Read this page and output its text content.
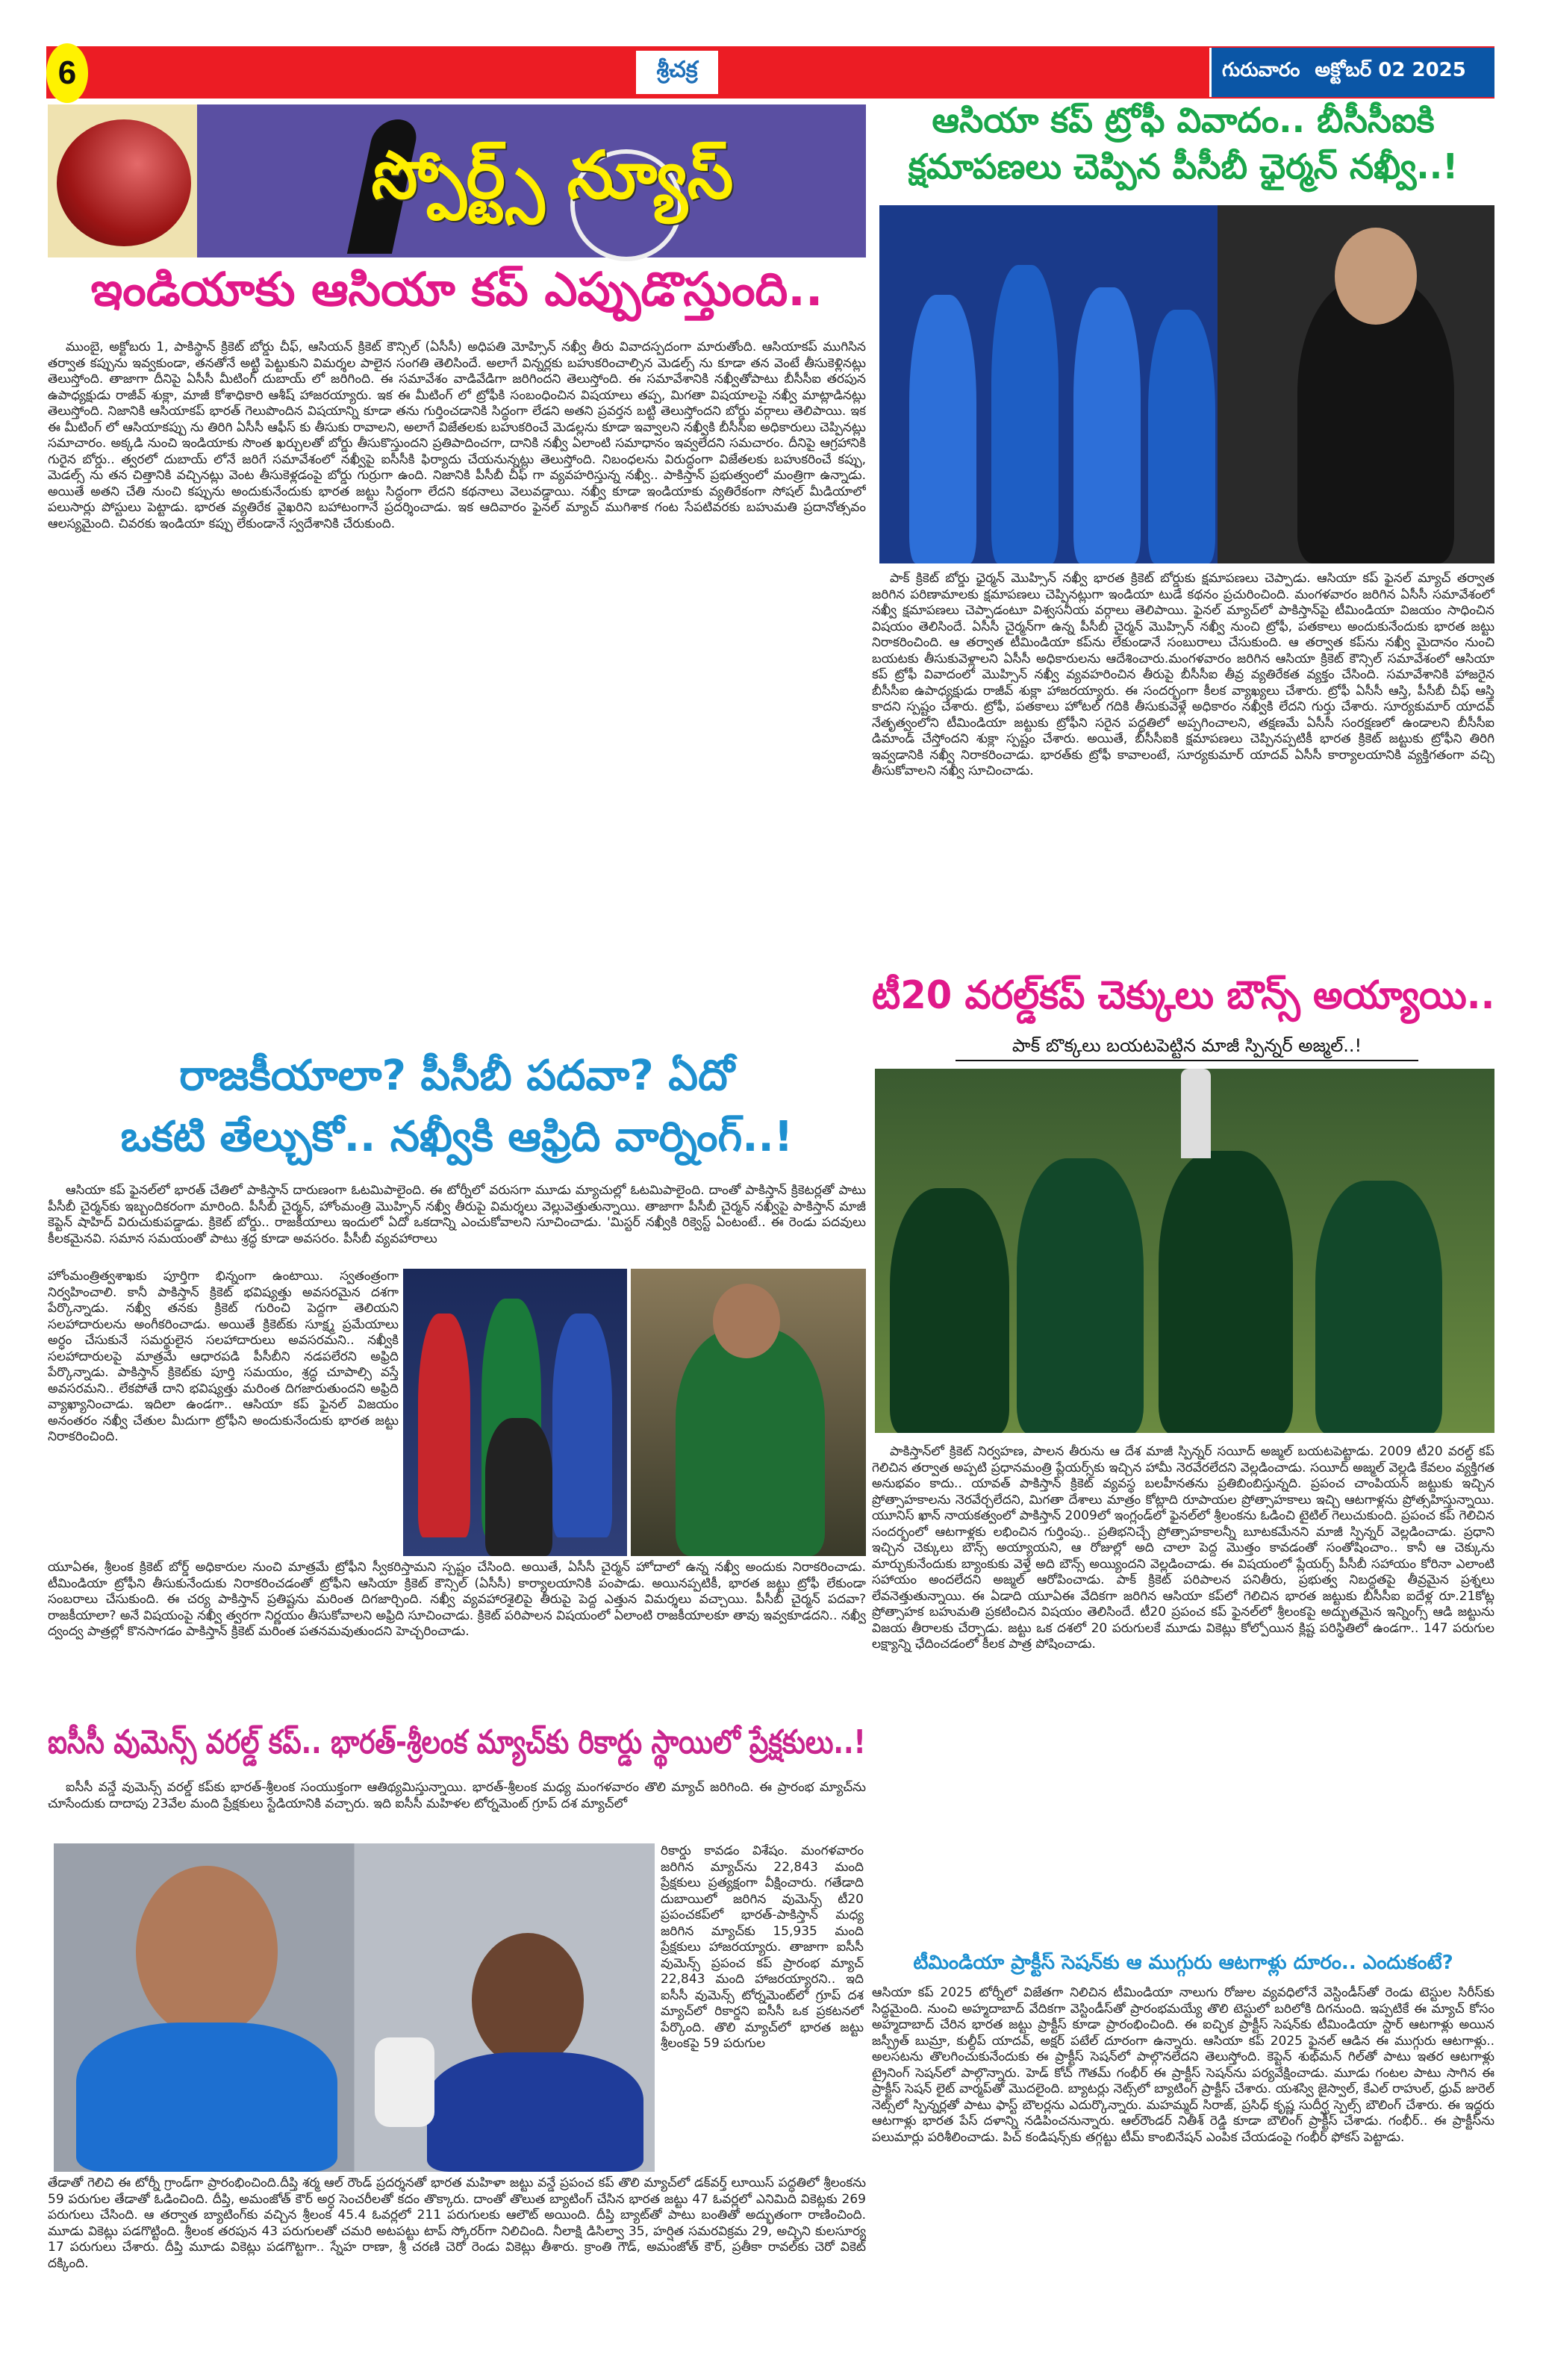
6	శ్రీచక్ర	గురువారం అక్టోబర్ 02 2025
స్పోర్ట్స్ న్యూస్
ఇండియాకు ఆసియా కప్ ఎప్పుడొస్తుంది..

ముంబై, అక్టోబరు 1, పాకిస్థాన్ క్రికెట్ బోర్డు చీఫ్, ఆసియన్ క్రికెట్ కౌన్సిల్ (ఏసీసీ) అధిపతి మోహ్సిన్ నఖ్వీ తీరు వివాదస్పదంగా మారుతోంది. ఆసియాకప్ ముగిసిన తర్వాత కప్పును ఇవ్వకుండా, తనతోనే అట్టి పెట్టుకుని విమర్శల పాలైన సంగతి తెలిసిందే. అలాగే విన్నర్లకు బహుకరించాల్సిన మెడల్స్ ను కూడా తన వెంటే తీసుకెళ్లినట్లు తెలుస్తోంది. తాజాగా దీనిపై ఏసీసీ మీటింగ్ దుబాయ్ లో జరిగింది. ఈ సమావేశం వాడివేడిగా జరిగిందని తెలుస్తోంది. ఈ సమావేశానికి నఖ్వీతోపాటు బీసీసీఐ తరపున ఉపాధ్యక్షుడు రాజీవ్ శుక్లా, మాజీ కోశాధికారి ఆశీష్ హాజరయ్యారు. ఇక ఈ మీటింగ్ లో ట్రోఫీకి సంబంధించిన విషయాలు తప్ప, మిగతా విషయాలపై నఖ్వీ మాట్లాడినట్లు తెలుస్తోంది. నిజానికి ఆసియాకప్ భారత్ గెలుపొందిన విషయాన్ని కూడా తను గుర్తించడానికి సిద్ధంగా లేడని అతని ప్రవర్తన బట్టి తెలుస్తోందని బోర్డు వర్గాలు తెలిపాయి. ఇక ఈ మీటింగ్ లో ఆసియాకప్పు ను తిరిగి ఏసీసీ ఆఫీస్ కు తీసుకు రావాలని, అలాగే విజేతలకు బహుకరించే మెడల్లను కూడా ఇవ్వాలని నఖ్వీకి బీసీసీఐ అధికారులు చెప్పినట్లు సమాచారం. అక్కడి నుంచి ఇండియాకు సొంత ఖర్చులతో బోర్డు తీసుకొస్తుందని ప్రతిపాదించగా, దానికి నఖ్వీ ఏలాంటి సమాధానం ఇవ్వలేదని సమచారం. దీనిపై ఆగ్రహానికి గురైన బోర్డు.. త్వరలో దుబాయ్ లోనే జరిగే సమావేశంలో నఖ్వీపై ఐసీసీకి ఫిర్యాదు చేయనున్నట్లు తెలుస్తోంది. నిబంధలను విరుద్ధంగా విజేతలకు బహుకరించే కప్పు, మెడల్స్ ను తన చిత్తానికి వచ్చినట్లు వెంట తీసుకెళ్లడంపై బోర్డు గుర్రుగా ఉంది. నిజానికి పీసీబీ చీఫ్ గా వ్యవహరిస్తున్న నఖ్వీ.. పాకిస్తాన్ ప్రభుత్వంలో మంత్రిగా ఉన్నాడు. అయితే అతని చేతి నుంచి కప్పును అందుకునేందుకు భారత జట్టు సిద్ధంగా లేదని కథనాలు వెలువడ్డాయి. నఖ్వీ కూడా ఇండియాకు వ్యతిరేకంగా సోషల్ మీడియాలో పలుసార్లు పోస్టులు పెట్టాడు. భారత వ్యతిరేక వైఖరిని బహాటంగానే ప్రదర్శించాడు. ఇక ఆదివారం ఫైనల్ మ్యాచ్ ముగిశాక గంట సేపటివరకు బహుమతి ప్రదానోత్సవం ఆలస్యమైంది. చివరకు ఇండియా కప్పు లేకుండానే స్వదేశానికి చేరుకుంది.

రాజకీయాలా? పీసీబీ పదవా? ఏదో
ఒకటి తేల్చుకో.. నఖ్వీకి ఆఫ్రిది వార్నింగ్..!

ఆసియా కప్ ఫైనల్‌లో భారత్ చేతిలో పాకిస్తాన్ దారుణంగా ఓటమిపాలైంది. ఈ టోర్నీలో వరుసగా మూడు మ్యాచుల్లో ఓటమిపాలైంది. దాంతో పాకిస్తాన్ క్రికెటర్లతో పాటు పీసీబీ చైర్మన్‌కు ఇబ్బందికరంగా మారింది. పీసీబీ చైర్మన్, హోంమంత్రి మొహ్సిన్ నఖ్వీ తీరుపై విమర్శలు వెల్లువెత్తుతున్నాయి. తాజాగా పీసీబీ చైర్మన్ నఖ్వీపై పాకిస్తాన్ మాజీ కెప్టెన్ షాహిద్ విరుచుకుపడ్డాడు. క్రికెట్ బోర్డు.. రాజకీయాలు ఇందులో ఏదో ఒకదాన్ని ఎంచుకోవాలని సూచించాడు. 'మిస్టర్ నఖ్వీకి రిక్వెస్ట్ ఏంటంటే.. ఈ రెండు పదవులు కీలకమైనవి. సమాన సమయంతో పాటు శ్రద్ధ కూడా అవసరం. పీసీబీ వ్యవహారాలు

హోంమంత్రిత్వశాఖకు పూర్తిగా భిన్నంగా ఉంటాయి. స్వతంత్రంగా నిర్వహించాలి. కానీ పాకిస్తాన్ క్రికెట్ భవిష్యత్తు అవసరమైన దశగా పేర్కొన్నాడు. నఖ్వీ తనకు క్రికెట్ గురించి పెద్దగా తెలియని సలహాదారులను అంగీకరించాడు. అయితే క్రికెట్‌కు సూక్ష్మ ప్రమేయాలు అర్ధం చేసుకునే సమర్థులైన సలహాదారులు అవసరమని.. నఖ్వీకి సలహాదారులపై మాత్రమే ఆధారపడి పీసీబీని నడపలేరని అఫ్రిది పేర్కొన్నాడు. పాకిస్తాన్ క్రికెట్‌కు పూర్తి సమయం, శ్రద్ధ చూపాల్సి వస్తే అవసరమని.. లేకపోతే దాని భవిష్యత్తు మరింత దిగజారుతుందని అఫ్రిది వ్యాఖ్యానించాడు. ఇదిలా ఉండగా.. ఆసియా కప్ ఫైనల్ విజయం అనంతరం నఖ్వీ చేతుల మీదుగా ట్రోఫీని అందుకునేందుకు భారత జట్టు నిరాకరించింది.
యూఏఈ, శ్రీలంక క్రికెట్ బోర్డ్ అధికారుల నుంచి మాత్రమే ట్రోఫీని స్వీకరిస్తామని స్పష్టం చేసింది. అయితే, ఏసీసీ చైర్మన్ హోదాలో ఉన్న నఖ్వీ అందుకు నిరాకరించాడు. టీమిండియా ట్రోఫీని తీసుకునేందుకు నిరాకరించడంతో ట్రోఫీని ఆసియా క్రికెట్ కౌన్సిల్ (ఏసీసీ) కార్యాలయానికి పంపాడు. అయినప్పటికీ, భారత జట్టు ట్రోఫీ లేకుండా సంబరాలు చేసుకుంది. ఈ చర్య పాకిస్తాన్ ప్రతిష్టను మరింత దిగజార్చింది. నఖ్వీ వ్యవహారశైలిపై తీరుపై పెద్ద ఎత్తున విమర్శలు వచ్చాయి. పీసీబీ చైర్మన్ పదవా? రాజకీయాలా? అనే విషయంపై నఖ్వీ త్వరగా నిర్ణయం తీసుకోవాలని అఫ్రిది సూచించాడు. క్రికెట్ పరిపాలన విషయంలో ఏలాంటి రాజకీయాలకూ తావు ఇవ్వకూడదని.. నఖ్వీ ద్వంద్వ పాత్రల్లో కొనసాగడం పాకిస్తాన్ క్రికెట్ మరింత పతనమవుతుందని హెచ్చరించాడు.
ఐసీసీ వుమెన్స్ వరల్డ్ కప్.. భారత్-శ్రీలంక మ్యాచ్‌కు రికార్డు స్థాయిలో ప్రేక్షకులు..!

ఐసీసీ వన్డే వుమెన్స్ వరల్డ్ కప్‌కు భారత్-శ్రీలంక సంయుక్తంగా ఆతిథ్యమిస్తున్నాయి. భారత్-శ్రీలంక మధ్య మంగళవారం తొలి మ్యాచ్ జరిగింది. ఈ ప్రారంభ మ్యాచ్‌ను చూసేందుకు దాదాపు 23వేల మంది ప్రేక్షకులు స్టేడియానికి వచ్చారు. ఇది ఐసీసీ మహిళల టోర్నమెంట్ గ్రూప్ దశ మ్యాచ్‌లో

రికార్డు కావడం విశేషం. మంగళవారం జరిగిన మ్యాచ్‌ను 22,843 మంది ప్రేక్షకులు ప్రత్యక్షంగా వీక్షించారు. గతేడాది దుబాయిలో జరిగిన వుమెన్స్ టీ20 ప్రపంచకప్‌లో భారత్-పాకిస్తాన్ మధ్య జరిగిన మ్యాచ్‌కు 15,935 మంది ప్రేక్షకులు హాజరయ్యారు. తాజాగా ఐసీసీ వుమెన్స్ ప్రపంచ కప్ ప్రారంభ మ్యాచ్ 22,843 మంది హాజరయ్యారని.. ఇది ఐసీసీ వుమెన్స్ టోర్నమెంట్‌లో గ్రూప్ దశ మ్యాచ్‌లో రికార్డని ఐసీసీ ఒక ప్రకటనలో పేర్కొంది. తొలి మ్యాచ్‌లో భారత జట్టు శ్రీలంకపై 59 పరుగుల
తేడాతో గెలిచి ఈ టోర్నీ గ్రాండ్‌గా ప్రారంభించింది.దీప్తి శర్మ ఆల్ రౌండ్ ప్రదర్శనతో భారత మహిళా జట్టు వన్డే ప్రపంచ కప్ తొలి మ్యాచ్‌లో డక్‌వర్త్ లూయిస్ పద్ధతిలో శ్రీలంకను 59 పరుగుల తేడాతో ఓడించింది. దీప్తి, అమంజోత్ కౌర్ అర్ధ సెంచరీలతో కదం తొక్కారు. దాంతో తొలుత బ్యాటింగ్ చేసిన భారత జట్టు 47 ఓవర్లలో ఎనిమిది వికెట్లకు 269 పరుగులు చేసింది. ఆ తర్వాత బ్యాటింగ్‌కు వచ్చిన శ్రీలంక 45.4 ఓవర్లలో 211 పరుగులకు ఆలౌట్ అయింది. దీప్తి బ్యాట్‌తో పాటు బంతితో అద్భుతంగా రాణించింది. మూడు వికెట్లు పడగొట్టింది. శ్రీలంక తరపున 43 పరుగులతో చమరి అటపట్టు టాప్ స్కోరర్‌గా నిలిచింది. నీలాక్షి డిసిల్వా 35, హర్షిత సమరవిక్రమ 29, అచ్చిని కులసూర్య 17 పరుగులు చేశారు. దీప్తి మూడు వికెట్లు పడగొట్టగా.. స్నేహ రాణా, శ్రీ చరణి చెరో రెండు వికెట్లు తీశారు. క్రాంతి గౌడ్, అమంజోత్ కౌర్, ప్రతీకా రావల్‌కు చెరో వికెట్ దక్కింది.
ఆసియా కప్ ట్రోఫీ వివాదం.. బీసీసీఐకి క్షమాపణలు చెప్పిన పీసీబీ ఛైర్మన్ నఖ్వీ..!

పాక్ క్రికెట్ బోర్డు ఛైర్మన్ మొహ్సిన్ నఖ్వీ భారత క్రికెట్ బోర్డుకు క్షమాపణలు చెప్పాడు. ఆసియా కప్ ఫైనల్ మ్యాచ్ తర్వాత జరిగిన పరిణామాలకు క్షమాపణలు చెప్పినట్లుగా ఇండియా టుడే కథనం ప్రచురించింది. మంగళవారం జరిగిన ఏసీసీ సమావేశంలో నఖ్వీ క్షమాపణలు చెప్పాడంటూ విశ్వసనీయ వర్గాలు తెలిపాయి. ఫైనల్ మ్యాచ్‌లో పాకిస్తాన్‌పై టీమిండియా విజయం సాధించిన విషయం తెలిసిందే. ఏసీసీ చైర్మన్‌గా ఉన్న పీసీబీ చైర్మన్ మొహ్సిన్ నఖ్వీ నుంచి ట్రోఫీ, పతకాలు అందుకునేందుకు భారత జట్టు నిరాకరించింది. ఆ తర్వాత టీమిండియా కప్‌ను లేకుండానే సంబురాలు చేసుకుంది. ఆ తర్వాత కప్‌ను నఖ్వీ మైదానం నుంచి బయటకు తీసుకువెళ్లాలని ఏసీసీ అధికారులను ఆదేశించారు.మంగళవారం జరిగిన ఆసియా క్రికెట్ కౌన్సిల్ సమావేశంలో ఆసియా కప్ ట్రోఫీ వివాదంలో మొహ్సిన్ నఖ్వీ వ్యవహరించిన తీరుపై బీసీసీఐ తీవ్ర వ్యతిరేకత వ్యక్తం చేసింది. సమావేశానికి హాజరైన బీసీసీఐ ఉపాధ్యక్షుడు రాజీవ్ శుక్లా హాజరయ్యారు. ఈ సందర్భంగా కీలక వ్యాఖ్యలు చేశారు. ట్రోఫీ ఏసీసీ ఆస్తి, పీసీబీ చీఫ్ ఆస్తి కాదని స్పష్టం చేశారు. ట్రోఫీ, పతకాలు హోటల్ గదికి తీసుకువెళ్లే అధికారం నఖ్వీకి లేదని గుర్తు చేశారు. సూర్యకుమార్ యాదవ్ నేతృత్వంలోని టీమిండియా జట్టుకు ట్రోఫీని సరైన పద్ధతిలో అప్పగించాలని, తక్షణమే ఏసీసీ సంరక్షణలో ఉండాలని బీసీసీఐ డిమాండ్ చేస్తోందని శుక్లా స్పష్టం చేశారు. అయితే, బీసీసీఐకి క్షమాపణలు చెప్పినప్పటికీ భారత క్రికెట్ జట్టుకు ట్రోఫీని తిరిగి ఇవ్వడానికి నఖ్వీ నిరాకరించాడు. భారత్‌కు ట్రోఫీ కావాలంటే, సూర్యకుమార్ యాదవ్ ఏసీసీ కార్యాలయానికి వ్యక్తిగతంగా వచ్చి తీసుకోవాలని నఖ్వీ సూచించాడు.

టీ20 వరల్డ్‌కప్ చెక్కులు బౌన్స్ అయ్యాయి..
పాక్ బొక్కలు బయటపెట్టిన మాజీ స్పిన్నర్ అజ్మల్..!

పాకిస్తాన్‌లో క్రికెట్ నిర్వహణ, పాలన తీరును ఆ దేశ మాజీ స్పిన్నర్ సయీద్ అజ్మల్ బయటపెట్టాడు. 2009 టీ20 వరల్డ్ కప్ గెలిచిన తర్వాత అప్పటి ప్రధానమంత్రి ప్లేయర్స్‌కు ఇచ్చిన హామీ నెరవేరలేదని వెల్లడించాడు. సయీద్ అజ్మల్ వెల్లడి కేవలం వ్యక్తిగత అనుభవం కాదు.. యావత్ పాకిస్తాన్ క్రికెట్ వ్యవస్థ బలహీనతను ప్రతిబింబిస్తున్నది. ప్రపంచ చాంపియన్ జట్టుకు ఇచ్చిన ప్రోత్సాహకాలను నెరవేర్చలేదని, మిగతా దేశాలు మాత్రం కోట్లాది రూపాయల ప్రోత్సాహకాలు ఇచ్చి ఆటగాళ్లను ప్రోత్సహిస్తున్నాయి. యూనిస్ ఖాన్ నాయకత్వంలో పాకిస్తాన్ 2009లో ఇంగ్లండ్‌లో ఫైనల్‌లో శ్రీలంకను ఓడించి టైటిల్ గెలుచుకుంది. ప్రపంచ కప్ గెలిచిన సందర్భంలో ఆటగాళ్లకు లభించిన గుర్తింపు.. ప్రతిభనిచ్చే ప్రోత్సాహకాలన్నీ బూటకమేనని మాజీ స్పిన్నర్ వెల్లడించాడు. ప్రధాని ఇచ్చిన చెక్కులు బౌన్స్ అయ్యాయని, ఆ రోజుల్లో అది చాలా పెద్ద మొత్తం కావడంతో సంతోషించాం.. కానీ ఆ చెక్కును మార్చుకునేందుకు బ్యాంకుకు వెళ్తే అది బౌన్స్ అయ్యిందని వెల్లడించాడు. ఈ విషయంలో ప్లేయర్స్ పీసీబీ సహాయం కోరినా ఎలాంటి సహాయం అందలేదని అజ్మల్ ఆరోపించాడు. పాక్ క్రికెట్ పరిపాలన పనితీరు, ప్రభుత్వ నిబద్ధతపై తీవ్రమైన ప్రశ్నలు లేవనెత్తుతున్నాయి. ఈ ఏడాది యూఏఈ వేదికగా జరిగిన ఆసియా కప్‌లో గెలిచిన భారత జట్టుకు బీసీసీఐ ఐదేళ్ల రూ.21కోట్ల ప్రోత్సాహక బహుమతి ప్రకటించిన విషయం తెలిసిందే. టీ20 ప్రపంచ కప్ ఫైనల్‌లో శ్రీలంకపై అద్భుతమైన ఇన్నింగ్స్ ఆడి జట్టును విజయ తీరాలకు చేర్చాడు. జట్టు ఒక దశలో 20 పరుగులకే మూడు వికెట్లు కోల్పోయిన క్లిష్ట పరిస్థితిలో ఉండగా.. 147 పరుగుల లక్ష్యాన్ని ఛేదించడంలో కీలక పాత్ర పోషించాడు.

టీమిండియా ప్రాక్టీస్ సెషన్‌కు ఆ ముగ్గురు ఆటగాళ్లు దూరం.. ఎందుకంటే?
ఆసియా కప్ 2025 టోర్నీలో విజేతగా నిలిచిన టీమిండియా నాలుగు రోజుల వ్యవధిలోనే వెస్టిండీస్‌తో రెండు టెస్టుల సిరీస్‌కు సిద్ధమైంది. నుంచి అహ్మదాబాద్ వేదికగా వెస్టిండీస్‌తో ప్రారంభమయ్యే తొలి టెస్టులో బరిలోకి దిగనుంది. ఇప్పటికే ఈ మ్యాచ్ కోసం అహ్మదాబాద్ చేరిన భారత జట్టు ప్రాక్టీస్ కూడా ప్రారంభించింది. ఈ ఐచ్ఛిక ప్రాక్టీస్ సెషన్‌కు టీమిండియా స్టార్ ఆటగాళ్లు అయిన జస్ప్రీత్ బుమ్రా, కుల్దీప్ యాదవ్, అక్షర్ పటేల్ దూరంగా ఉన్నారు. ఆసియా కప్ 2025 ఫైనల్ ఆడిన ఈ ముగ్గురు ఆటగాళ్లు.. అలసటను తొలగించుకునేందుకు ఈ ప్రాక్టీస్ సెషన్‌లో పాల్గొనలేదని తెలుస్తోంది. కెప్టెన్ శుభ్‌మన్ గిల్‌తో పాటు ఇతర ఆటగాళ్లు ట్రైనింగ్ సెషన్‌లో పాల్గొన్నారు. హెడ్ కోచ్ గౌతమ్ గంభీర్ ఈ ప్రాక్టీస్ సెషన్‌ను పర్యవేక్షించాడు. మూడు గంటల పాటు సాగిన ఈ ప్రాక్టీస్ సెషన్ లైట్ వార్మప్‌తో మొదలైంది. బ్యాటర్లు నెట్స్‌లో బ్యాటింగ్ ప్రాక్టీస్ చేశారు. యశస్వి జైస్వాల్, కేఎల్ రాహుల్, ధ్రువ్ జురెల్ నెట్స్‌లో స్పిన్నర్లతో పాటు ఫాస్ట్ బౌలర్లను ఎదుర్కొన్నారు. మహమ్మద్ సిరాజ్, ప్రసిధ్ కృష్ణ సుదీర్ఘ స్పెల్స్ బౌలింగ్ చేశారు. ఈ ఇద్దరు ఆటగాళ్లు భారత పేస్ దళాన్ని నడిపించనున్నారు. ఆల్‌రౌండర్ నితీశ్ రెడ్డి కూడా బౌలింగ్ ప్రాక్టీస్ చేశాడు. గంభీర్.. ఈ ప్రాక్టీస్‌ను పలుమార్లు పరిశీలించాడు. పిచ్ కండిషన్స్‌కు తగ్గట్టు టీమ్ కాంబినేషన్ ఎంపిక చేయడంపై గంభీర్ ఫోకస్ పెట్టాడు.
